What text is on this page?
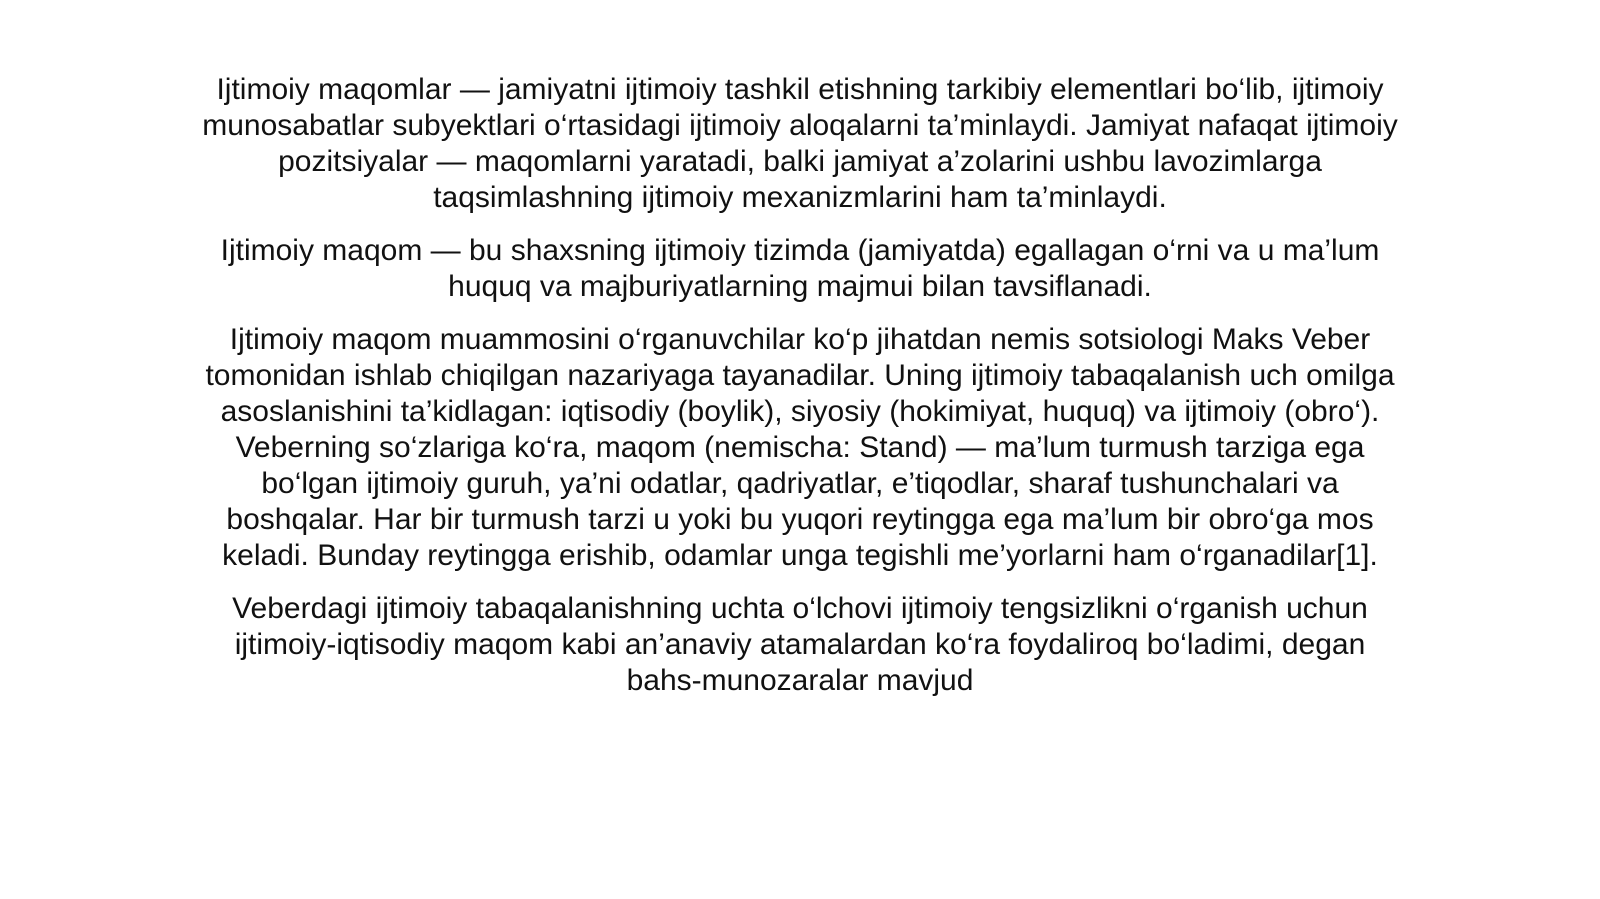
Ijtimoiy maqomlar — jamiyatni ijtimoiy tashkil etishning tarkibiy elementlari bo‘lib, ijtimoiy munosabatlar subyektlari o‘rtasidagi ijtimoiy aloqalarni ta’minlaydi. Jamiyat nafaqat ijtimoiy pozitsiyalar — maqomlarni yaratadi, balki jamiyat a’zolarini ushbu lavozimlarga taqsimlashning ijtimoiy mexanizmlarini ham ta’minlaydi.

Ijtimoiy maqom — bu shaxsning ijtimoiy tizimda (jamiyatda) egallagan o‘rni va u ma’lum huquq va majburiyatlarning majmui bilan tavsiflanadi.

Ijtimoiy maqom muammosini o‘rganuvchilar ko‘p jihatdan nemis sotsiologi Maks Veber tomonidan ishlab chiqilgan nazariyaga tayanadilar. Uning ijtimoiy tabaqalanish uch omilga asoslanishini ta’kidlagan: iqtisodiy (boylik), siyosiy (hokimiyat, huquq) va ijtimoiy (obro‘). Veberning so‘zlariga ko‘ra, maqom (nemischa: Stand) — ma’lum turmush tarziga ega bo‘lgan ijtimoiy guruh, ya’ni odatlar, qadriyatlar, e’tiqodlar, sharaf tushunchalari va boshqalar. Har bir turmush tarzi u yoki bu yuqori reytingga ega ma’lum bir obro‘ga mos keladi. Bunday reytingga erishib, odamlar unga tegishli me’yorlarni ham o‘rganadilar[1].

Veberdagi ijtimoiy tabaqalanishning uchta o‘lchovi ijtimoiy tengsizlikni o‘rganish uchun ijtimoiy-iqtisodiy maqom kabi an’anaviy atamalardan ko‘ra foydaliroq bo‘ladimi, degan bahs-munozaralar mavjud
